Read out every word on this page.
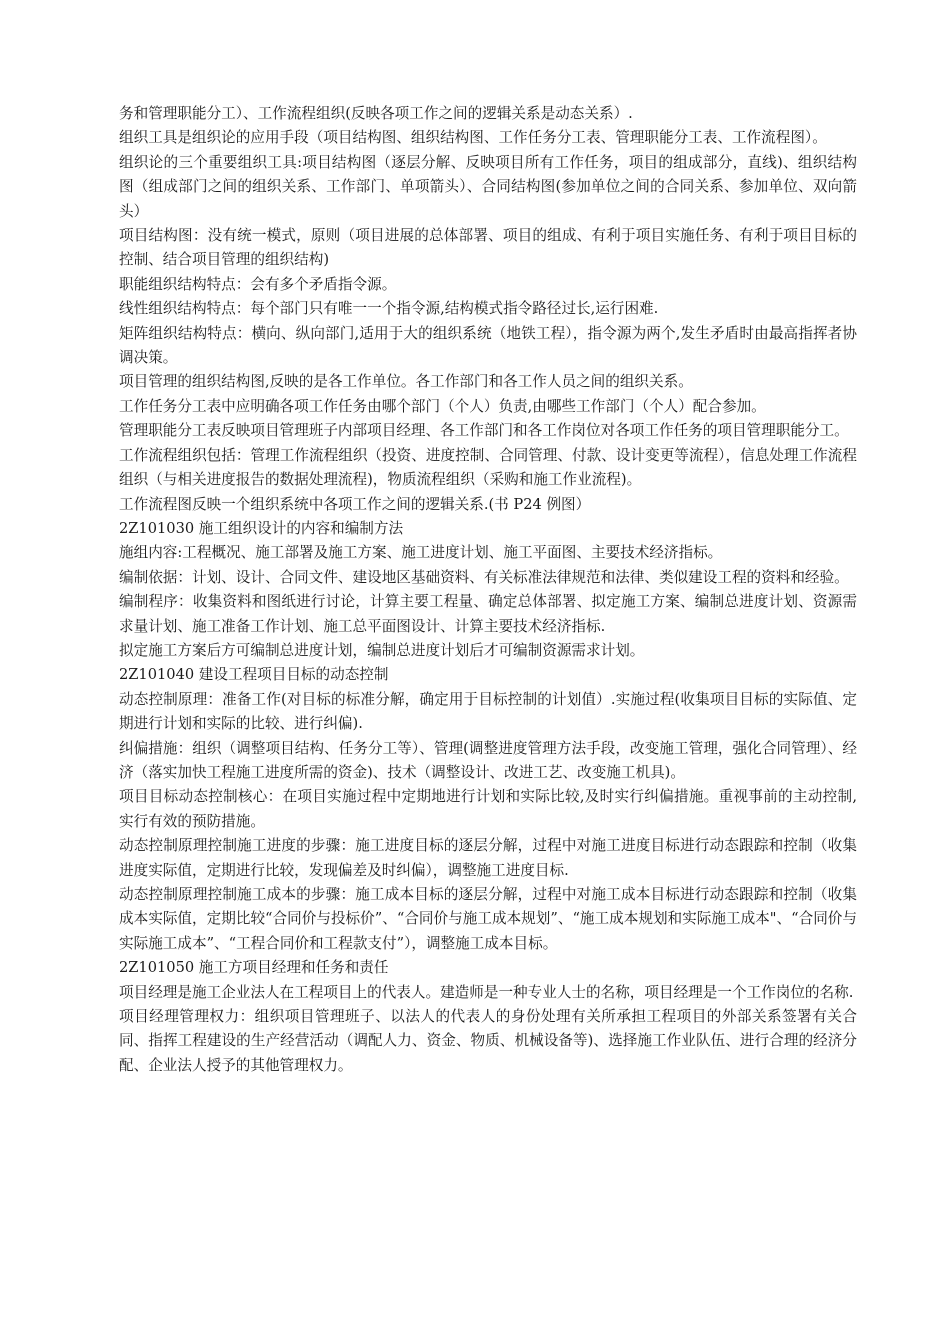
务和管理职能分工）、工作流程组织(反映各项工作之间的逻辑关系是动态关系）.

组织工具是组织论的应用手段（项目结构图、组织结构图、工作任务分工表、管理职能分工表、工作流程图）。

组织论的三个重要组织工具:项目结构图（逐层分解、反映项目所有工作任务，项目的组成部分，直线)、组织结构图（组成部门之间的组织关系、工作部门、单项箭头）、合同结构图(参加单位之间的合同关系、参加单位、双向箭头）

项目结构图：没有统一模式，原则（项目进展的总体部署、项目的组成、有利于项目实施任务、有利于项目目标的控制、结合项目管理的组织结构)

职能组织结构特点：会有多个矛盾指令源。

线性组织结构特点：每个部门只有唯一一个指令源,结构模式指令路径过长,运行困难.

矩阵组织结构特点：横向、纵向部门,适用于大的组织系统（地铁工程），指令源为两个,发生矛盾时由最高指挥者协调决策。

项目管理的组织结构图,反映的是各工作单位。各工作部门和各工作人员之间的组织关系。

工作任务分工表中应明确各项工作任务由哪个部门（个人）负责,由哪些工作部门（个人）配合参加。

管理职能分工表反映项目管理班子内部项目经理、各工作部门和各工作岗位对各项工作任务的项目管理职能分工。

工作流程组织包括：管理工作流程组织（投资、进度控制、合同管理、付款、设计变更等流程），信息处理工作流程组织（与相关进度报告的数据处理流程)，物质流程组织（采购和施工作业流程)。

工作流程图反映一个组织系统中各项工作之间的逻辑关系.(书 P24 例图）

2Z101030 施工组织设计的内容和编制方法

施组内容:工程概况、施工部署及施工方案、施工进度计划、施工平面图、主要技术经济指标。

编制依据：计划、设计、合同文件、建设地区基础资料、有关标准法律规范和法律、类似建设工程的资料和经验。

编制程序：收集资料和图纸进行讨论，计算主要工程量、确定总体部署、拟定施工方案、编制总进度计划、资源需求量计划、施工准备工作计划、施工总平面图设计、计算主要技术经济指标.

拟定施工方案后方可编制总进度计划，编制总进度计划后才可编制资源需求计划。

2Z101040 建设工程项目目标的动态控制

动态控制原理：准备工作(对目标的标准分解，确定用于目标控制的计划值）.实施过程(收集项目目标的实际值、定期进行计划和实际的比较、进行纠偏).

纠偏措施：组织（调整项目结构、任务分工等）、管理(调整进度管理方法手段，改变施工管理，强化合同管理）、经济（落实加快工程施工进度所需的资金)、技术（调整设计、改进工艺、改变施工机具)。

项目目标动态控制核心：在项目实施过程中定期地进行计划和实际比较,及时实行纠偏措施。重视事前的主动控制,实行有效的预防措施。

动态控制原理控制施工进度的步骤：施工进度目标的逐层分解，过程中对施工进度目标进行动态跟踪和控制（收集进度实际值，定期进行比较，发现偏差及时纠偏），调整施工进度目标.

动态控制原理控制施工成本的步骤：施工成本目标的逐层分解，过程中对施工成本目标进行动态跟踪和控制（收集成本实际值，定期比较“合同价与投标价”、“合同价与施工成本规划”、“施工成本规划和实际施工成本"、“合同价与实际施工成本”、“工程合同价和工程款支付”），调整施工成本目标。

2Z101050 施工方项目经理和任务和责任

项目经理是施工企业法人在工程项目上的代表人。建造师是一种专业人士的名称，项目经理是一个工作岗位的名称.

项目经理管理权力：组织项目管理班子、以法人的代表人的身份处理有关所承担工程项目的外部关系签署有关合同、指挥工程建设的生产经营活动（调配人力、资金、物质、机械设备等)、选择施工作业队伍、进行合理的经济分配、企业法人授予的其他管理权力。
